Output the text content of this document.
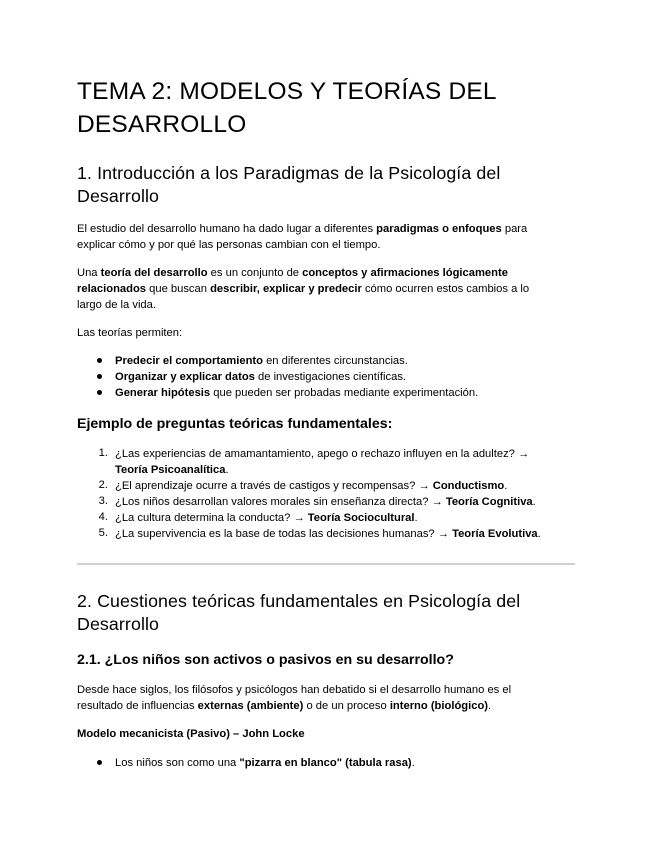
TEMA 2: MODELOS Y TEORÍAS DEL
DESARROLLO
1. Introducción a los Paradigmas de la Psicología del
Desarrollo
El estudio del desarrollo humano ha dado lugar a diferentes paradigmas o enfoques para
explicar cómo y por qué las personas cambian con el tiempo.
Una teoría del desarrollo es un conjunto de conceptos y afirmaciones lógicamente
relacionados que buscan describir, explicar y predecir cómo ocurren estos cambios a lo
largo de la vida.
Las teorías permiten:
Predecir el comportamiento en diferentes circunstancias.
Organizar y explicar datos de investigaciones científicas.
Generar hipótesis que pueden ser probadas mediante experimentación.
Ejemplo de preguntas teóricas fundamentales:
1. ¿Las experiencias de amamantamiento, apego o rechazo influyen en la adultez? →
Teoría Psicoanalítica.
2. ¿El aprendizaje ocurre a través de castigos y recompensas? → Conductismo.
3. ¿Los niños desarrollan valores morales sin enseñanza directa? → Teoría Cognitiva.
4. ¿La cultura determina la conducta? → Teoría Sociocultural.
5. ¿La supervivencia es la base de todas las decisiones humanas? → Teoría Evolutiva.
2. Cuestiones teóricas fundamentales en Psicología del
Desarrollo
2.1. ¿Los niños son activos o pasivos en su desarrollo?
Desde hace siglos, los filósofos y psicólogos han debatido si el desarrollo humano es el
resultado de influencias externas (ambiente) o de un proceso interno (biológico).
Modelo mecanicista (Pasivo) – John Locke
Los niños son como una "pizarra en blanco" (tabula rasa).
